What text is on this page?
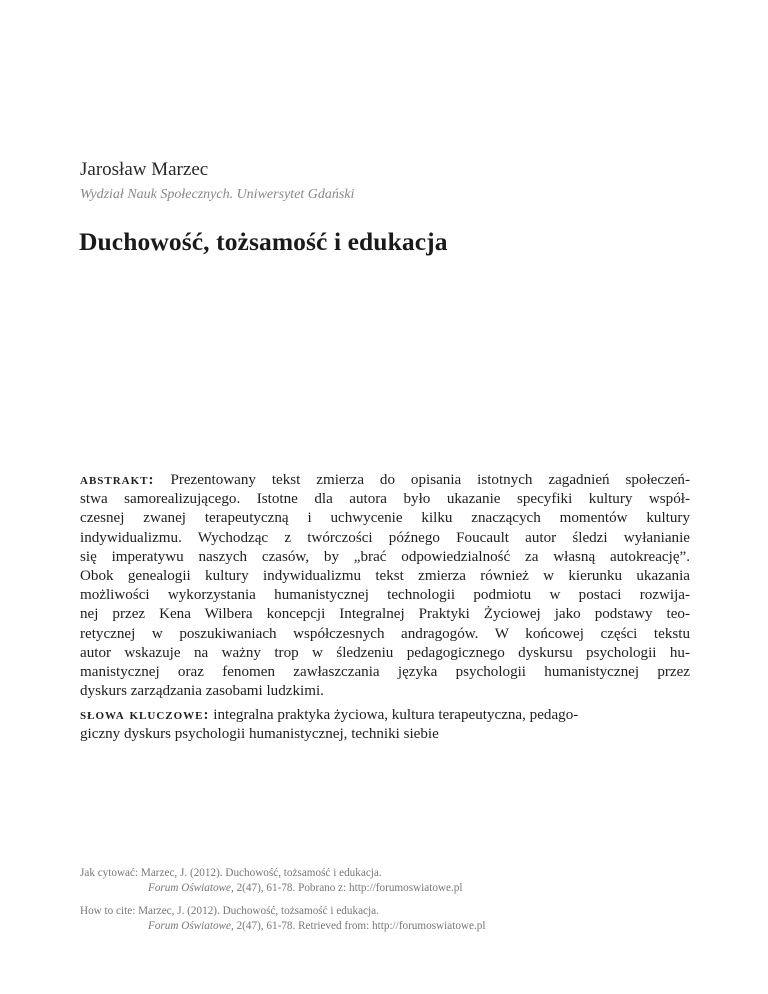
Jarosław Marzec
Wydział Nauk Społecznych. Uniwersytet Gdański
Duchowość, tożsamość i edukacja
abstrakt: Prezentowany tekst zmierza do opisania istotnych zagadnień społeczeń-
stwa samorealizującego. Istotne dla autora było ukazanie specyfiki kultury współ-
czesnej zwanej terapeutyczną i uchwycenie kilku znaczących momentów kultury
indywidualizmu. Wychodząc z twórczości późnego Foucault autor śledzi wyłanianie
się imperatywu naszych czasów, by „brać odpowiedzialność za własną autokreację”.
Obok genealogii kultury indywidualizmu tekst zmierza również w kierunku ukazania
możliwości wykorzystania humanistycznej technologii podmiotu w postaci rozwija-
nej przez Kena Wilbera koncepcji Integralnej Praktyki Życiowej jako podstawy teo-
retycznej w poszukiwaniach współczesnych andragogów. W końcowej części tekstu
autor wskazuje na ważny trop w śledzeniu pedagogicznego dyskursu psychologii hu-
manistycznej oraz fenomen zawłaszczania języka psychologii humanistycznej przez
dyskurs zarządzania zasobami ludzkimi.
słowa kluczowe: integralna praktyka życiowa, kultura terapeutyczna, pedago-
giczny dyskurs psychologii humanistycznej, techniki siebie
Jak cytować: Marzec, J. (2012). Duchowość, tożsamość i edukacja.
Forum Oświatowe, 2(47), 61-78. Pobrano z: http://forumoswiatowe.pl
How to cite: Marzec, J. (2012). Duchowość, tożsamość i edukacja.
Forum Oświatowe, 2(47), 61-78. Retrieved from: http://forumoswiatowe.pl
